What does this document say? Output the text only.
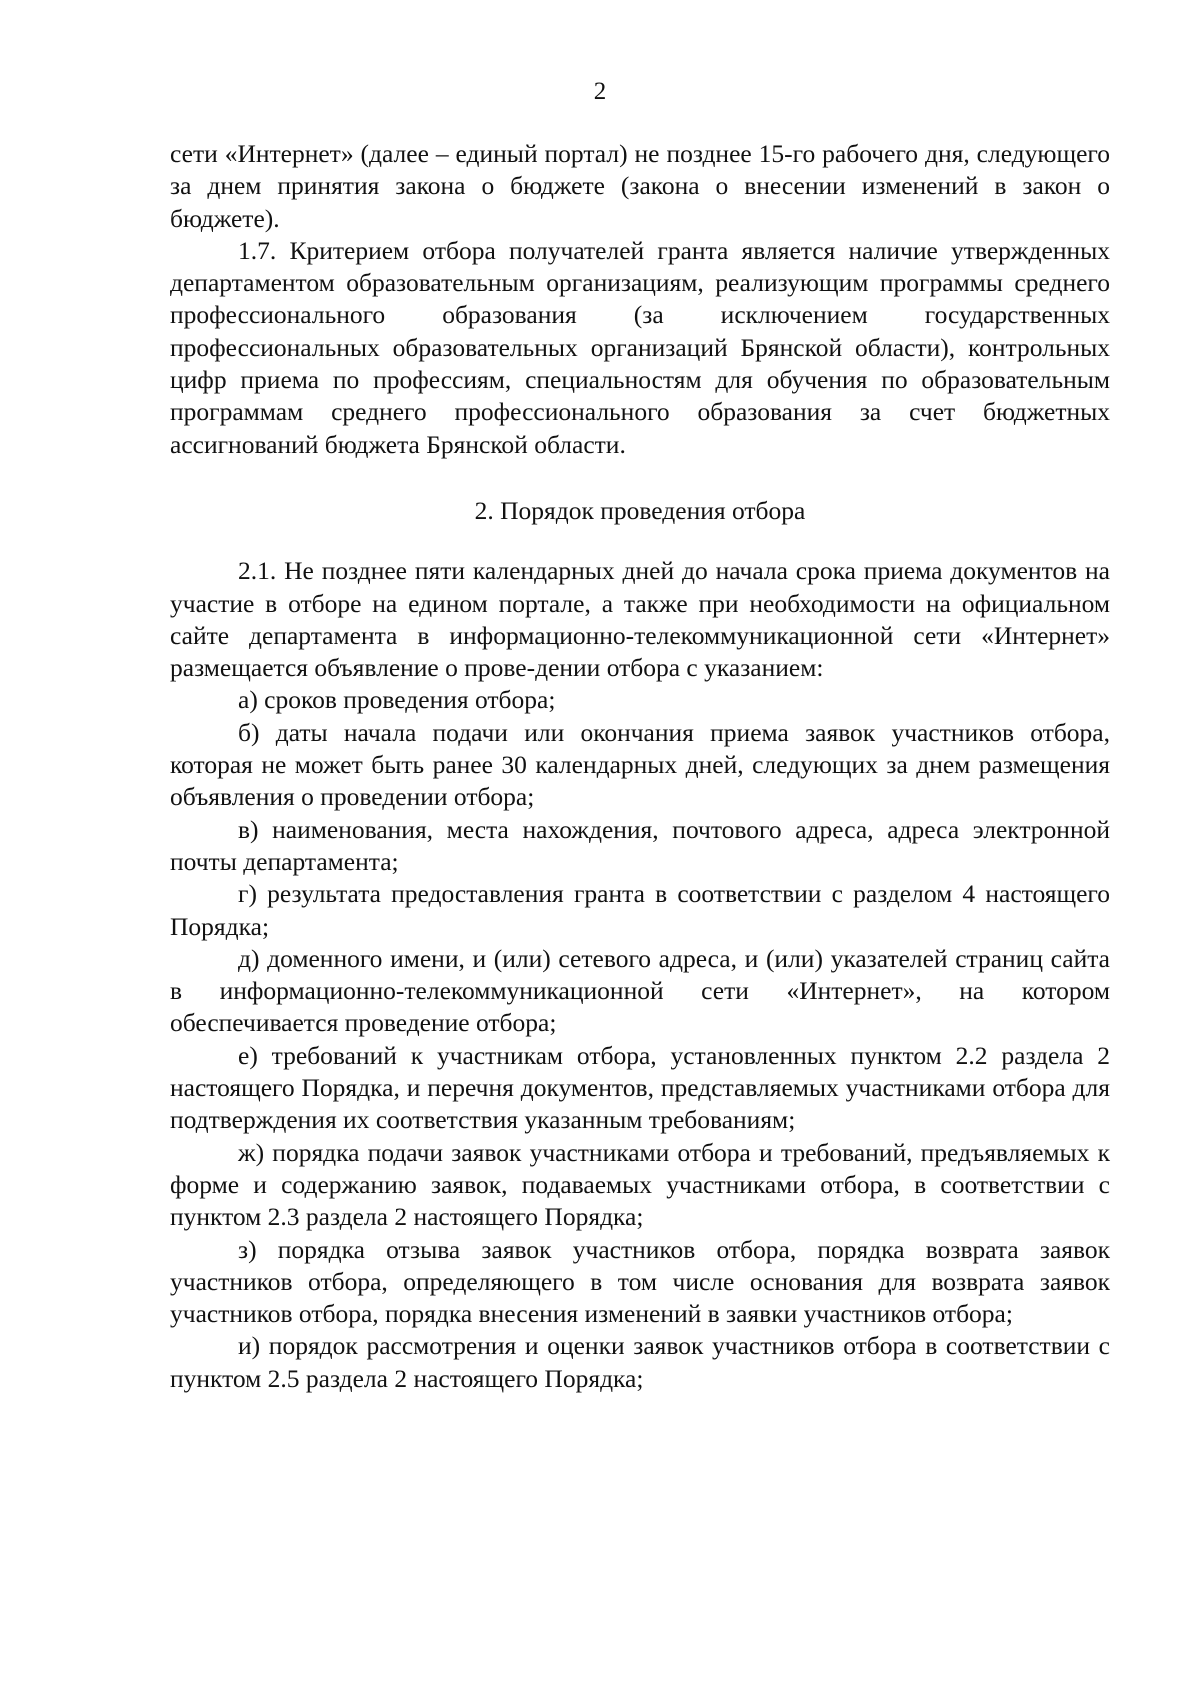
2

сети «Интернет» (далее – единый портал) не позднее 15-го рабочего дня, следующего за днем принятия закона о бюджете (закона о внесении изменений в закон о бюджете).

1.7. Критерием отбора получателей гранта является наличие утвержденных департаментом образовательным организациям, реализующим программы среднего профессионального образования (за исключением государственных профессиональных образовательных организаций Брянской области), контрольных цифр приема по профессиям, специальностям для обучения по образовательным программам среднего профессионального образования за счет бюджетных ассигнований бюджета Брянской области.

2. Порядок проведения отбора

2.1. Не позднее пяти календарных дней до начала срока приема документов на участие в отборе на едином портале, а также при необходимости на официальном сайте департамента в информационно-телекоммуникационной сети «Интернет» размещается объявление о прове-дении отбора с указанием:

а) сроков проведения отбора;

б) даты начала подачи или окончания приема заявок участников отбора, которая не может быть ранее 30 календарных дней, следующих за днем размещения объявления о проведении отбора;

в) наименования, места нахождения, почтового адреса, адреса электронной почты департамента;

г) результата предоставления гранта в соответствии с разделом 4 настоящего Порядка;

д) доменного имени, и (или) сетевого адреса, и (или) указателей страниц сайта в информационно-телекоммуникационной сети «Интернет», на котором обеспечивается проведение отбора;

е) требований к участникам отбора, установленных пунктом 2.2 раздела 2 настоящего Порядка, и перечня документов, представляемых участниками отбора для подтверждения их соответствия указанным требованиям;

ж) порядка подачи заявок участниками отбора и требований, предъявляемых к форме и содержанию заявок, подаваемых участниками отбора, в соответствии с пунктом 2.3 раздела 2 настоящего Порядка;

з) порядка отзыва заявок участников отбора, порядка возврата заявок участников отбора, определяющего в том числе основания для возврата заявок участников отбора, порядка внесения изменений в заявки участников отбора;

и) порядок рассмотрения и оценки заявок участников отбора в соответствии с пунктом 2.5 раздела 2 настоящего Порядка;
